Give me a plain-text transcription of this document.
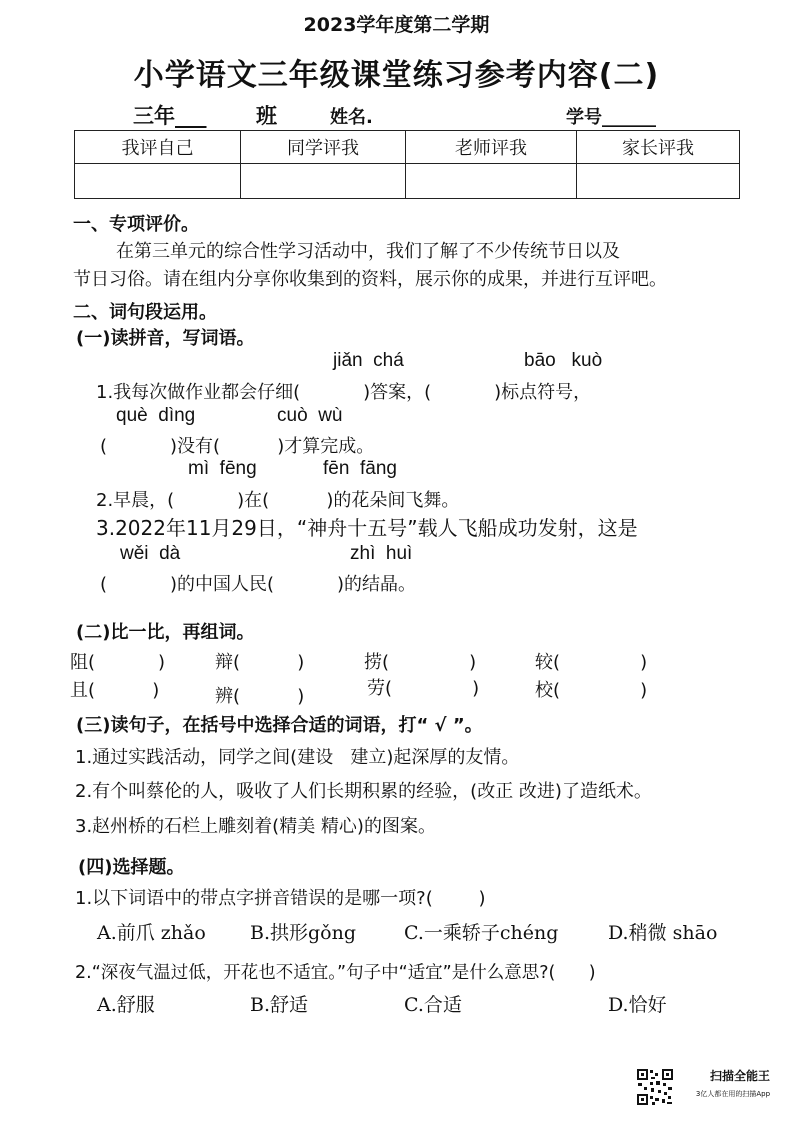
2023学年度第二学期
小学语文三年级课堂练习参考内容(二)
三年___ 班	姓名.	学号______
我评自己	同学评我	老师评我	家长评我

一、专项评价。
在第三单元的综合性学习活动中，我们了解了不少传统节日以及
节日习俗。请在组内分享你收集到的资料，展示你的成果，并进行互评吧。
二、词句段运用。
(一)读拼音，写词语。
jiǎn  chá	bāo   kuò
1.我每次做作业都会仔细(           )答案，(           )标点符号，
què  dìng	cuò  wù
(           )没有(          )才算完成。
mì  fēng	fēn  fāng
2.早晨，(           )在(          )的花朵间飞舞。
3.2022年11月29日，“神舟十五号”载人飞船成功发射，这是
wěi  dà	zhì  huì
(           )的中国人民(           )的结晶。
(二)比一比，再组词。
阻(           )	辩(          )	捞(              )	较(              )
且(          )	辨(          )	劳(              )	校(              )
(三)读句子，在括号中选择合适的词语，打“ √ ”。
1.通过实践活动，同学之间(建设   建立)起深厚的友情。
2.有个叫蔡伦的人，吸收了人们长期积累的经验，(改正 改进)了造纸术。
3.赵州桥的石栏上雕刻着(精美 精心)的图案。
(四)选择题。
1.以下词语中的带点字拼音错误的是哪一项?(        )
A.前爪 zhǎo B.拱形gǒng	C.一乘轿子chéng	D.稍微 shāo
2.“深夜气温过低，开花也不适宜。”句子中“适宜”是什么意思?(      )
A.舒服	B.舒适	C.合适	D.恰好
扫描全能王
3亿人都在用的扫描App
